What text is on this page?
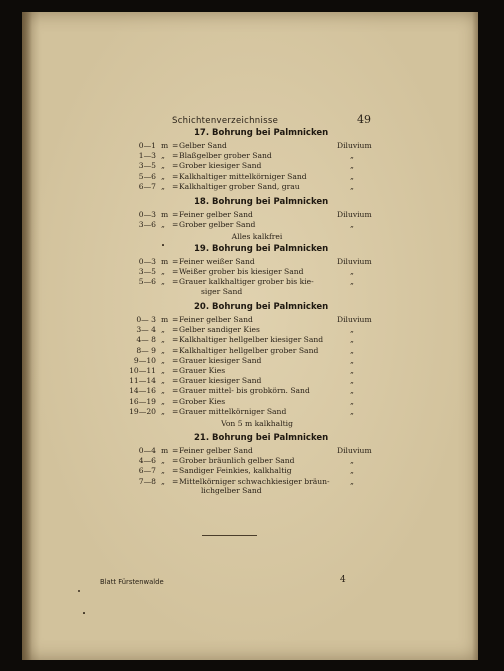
Schichtenverzeichnisse	49
17. Bohrung bei Palmnicken
0—1 m = Gelber Sand	Diluvium
1—3 „ = Blaßgelber grober Sand	„
3—5 „ = Grober kiesiger Sand	„
5—6 „ = Kalkhaltiger mittelkörniger Sand	„
6—7 „ = Kalkhaltiger grober Sand, grau	„
18. Bohrung bei Palmnicken
0—3 m = Feiner gelber Sand	Diluvium
3—6 „ = Grober gelber Sand	„
Alles kalkfrei
19. Bohrung bei Palmnicken
0—3 m = Feiner weißer Sand	Diluvium
3—5 „ = Weißer grober bis kiesiger Sand	„
5—6 „ = Grauer kalkhaltiger grober bis kie-	„
siger Sand
20. Bohrung bei Palmnicken
0— 3 m = Feiner gelber Sand	Diluvium
3— 4 „ = Gelber sandiger Kies	„
4— 8 „ = Kalkhaltiger hellgelber kiesiger Sand	„
8— 9 „ = Kalkhaltiger hellgelber grober Sand	„
9—10 „ = Grauer kiesiger Sand	„
10—11 „ = Grauer Kies	„
11—14 „ = Grauer kiesiger Sand	„
14—16 „ = Grauer mittel- bis grobkörn. Sand	„
16—19 „ = Grober Kies	„
19—20 „ = Grauer mittelkörniger Sand	„
Von 5 m kalkhaltig
21. Bohrung bei Palmnicken
0—4 m = Feiner gelber Sand	Diluvium
4—6 „ = Grober bräunlich gelber Sand	„
6—7 „ = Sandiger Feinkies, kalkhaltig	„
7—8 „ = Mittelkörniger schwachkiesiger bräun-	„
lichgelber Sand
Blatt Fürstenwalde	4
